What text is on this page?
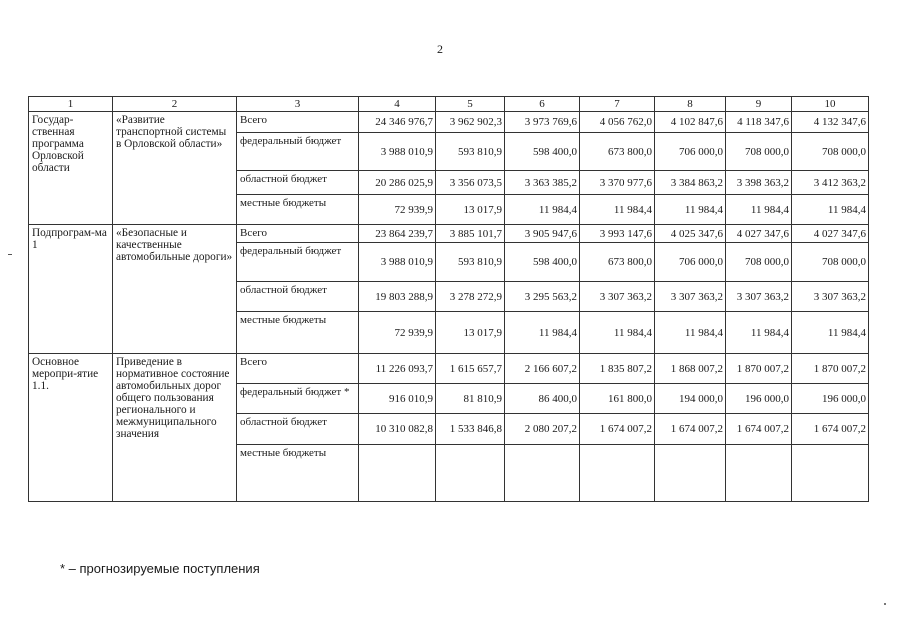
2
1	2	3	4	5	6	7	8	9	10
Государ-ственная программа Орловской области	«Развитие транспортной системы в Орловской области»	Всего	24 346 976,7	3 962 902,3	3 973 769,6	4 056 762,0	4 102 847,6	4 118 347,6	4 132 347,6
		федеральный бюджет	3 988 010,9	593 810,9	598 400,0	673 800,0	706 000,0	708 000,0	708 000,0
		областной бюджет	20 286 025,9	3 356 073,5	3 363 385,2	3 370 977,6	3 384 863,2	3 398 363,2	3 412 363,2
		местные бюджеты	72 939,9	13 017,9	11 984,4	11 984,4	11 984,4	11 984,4	11 984,4
Подпрограм-ма 1	«Безопасные и качественные автомобильные дороги»	Всего	23 864 239,7	3 885 101,7	3 905 947,6	3 993 147,6	4 025 347,6	4 027 347,6	4 027 347,6
		федеральный бюджет	3 988 010,9	593 810,9	598 400,0	673 800,0	706 000,0	708 000,0	708 000,0
		областной бюджет	19 803 288,9	3 278 272,9	3 295 563,2	3 307 363,2	3 307 363,2	3 307 363,2	3 307 363,2
		местные бюджеты	72 939,9	13 017,9	11 984,4	11 984,4	11 984,4	11 984,4	11 984,4
Основное меропри-ятие 1.1.	Приведение в нормативное состояние автомобильных дорог общего пользования регионального и межмуниципального значения	Всего	11 226 093,7	1 615 657,7	2 166 607,2	1 835 807,2	1 868 007,2	1 870 007,2	1 870 007,2
		федеральный бюджет *	916 010,9	81 810,9	86 400,0	161 800,0	194 000,0	196 000,0	196 000,0
		областной бюджет	10 310 082,8	1 533 846,8	2 080 207,2	1 674 007,2	1 674 007,2	1 674 007,2	1 674 007,2
		местные бюджеты							
* – прогнозируемые поступления
